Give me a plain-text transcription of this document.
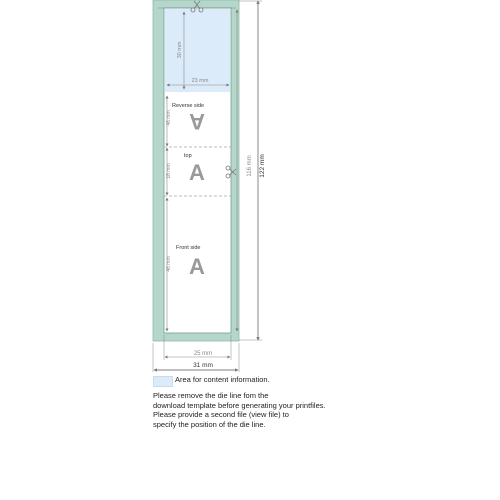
30 mm
23 mm
Reverse side
A
46 mm
top
A
18 mm
Front side
A
46 mm
116 mm 122 mm
25 mm
31 mm
Area for content information.
Please remove the die line fom the
download template before generating your printfiles.
Please provide a second file (view file) to
specify the position of the die line.
